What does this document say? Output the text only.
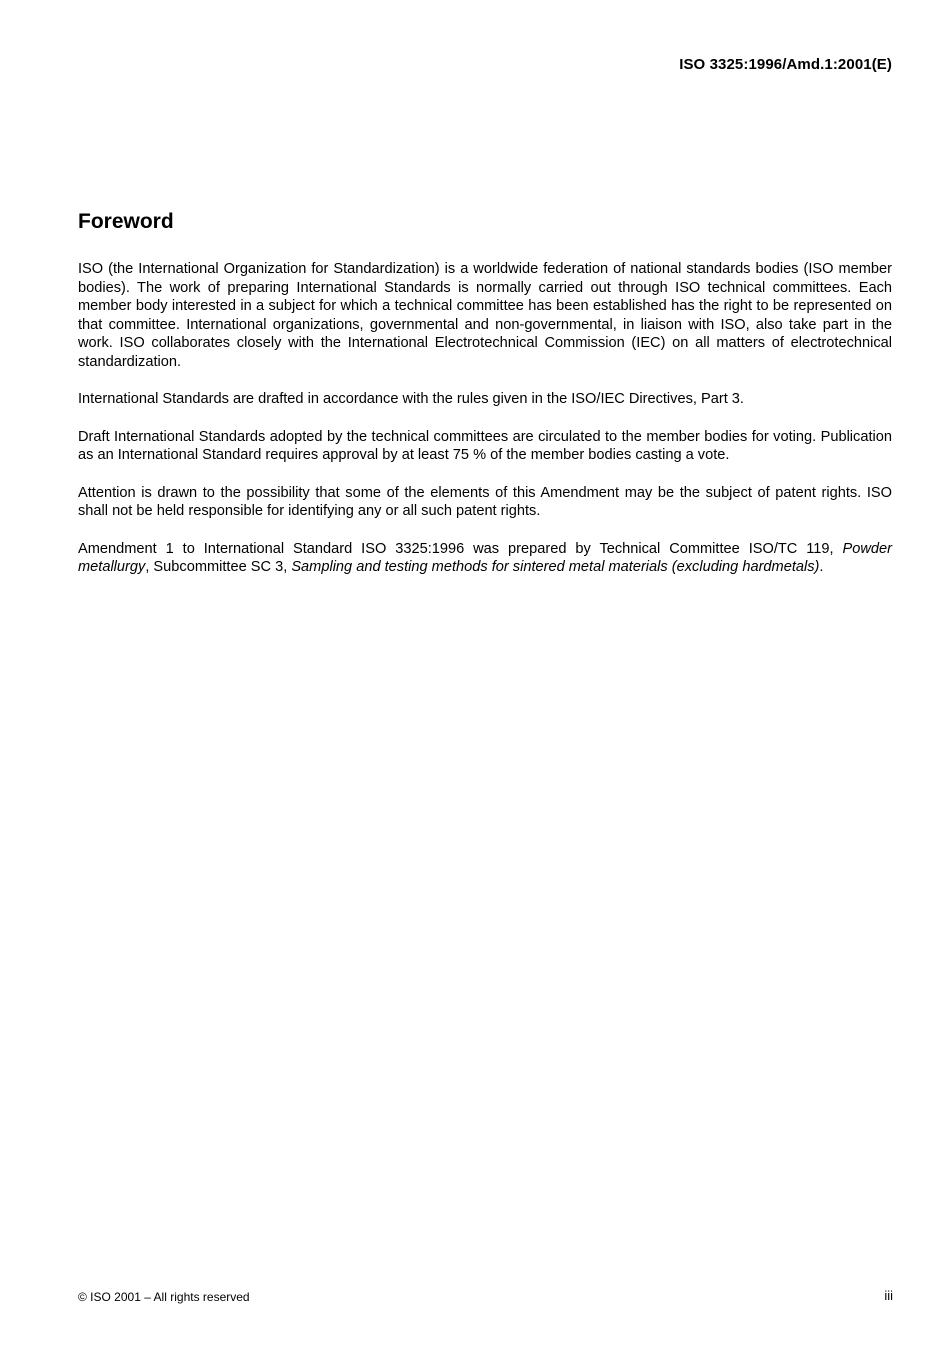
ISO 3325:1996/Amd.1:2001(E)
Foreword

ISO (the International Organization for Standardization) is a worldwide federation of national standards bodies (ISO member bodies). The work of preparing International Standards is normally carried out through ISO technical committees. Each member body interested in a subject for which a technical committee has been established has the right to be represented on that committee. International organizations, governmental and non-governmental, in liaison with ISO, also take part in the work. ISO collaborates closely with the International Electrotechnical Commission (IEC) on all matters of electrotechnical standardization.

International Standards are drafted in accordance with the rules given in the ISO/IEC Directives, Part 3.

Draft International Standards adopted by the technical committees are circulated to the member bodies for voting. Publication as an International Standard requires approval by at least 75 % of the member bodies casting a vote.

Attention is drawn to the possibility that some of the elements of this Amendment may be the subject of patent rights. ISO shall not be held responsible for identifying any or all such patent rights.

Amendment 1 to International Standard ISO 3325:1996 was prepared by Technical Committee ISO/TC 119, Powder metallurgy, Subcommittee SC 3, Sampling and testing methods for sintered metal materials (excluding hardmetals).

© ISO 2001 – All rights reserved	iii
